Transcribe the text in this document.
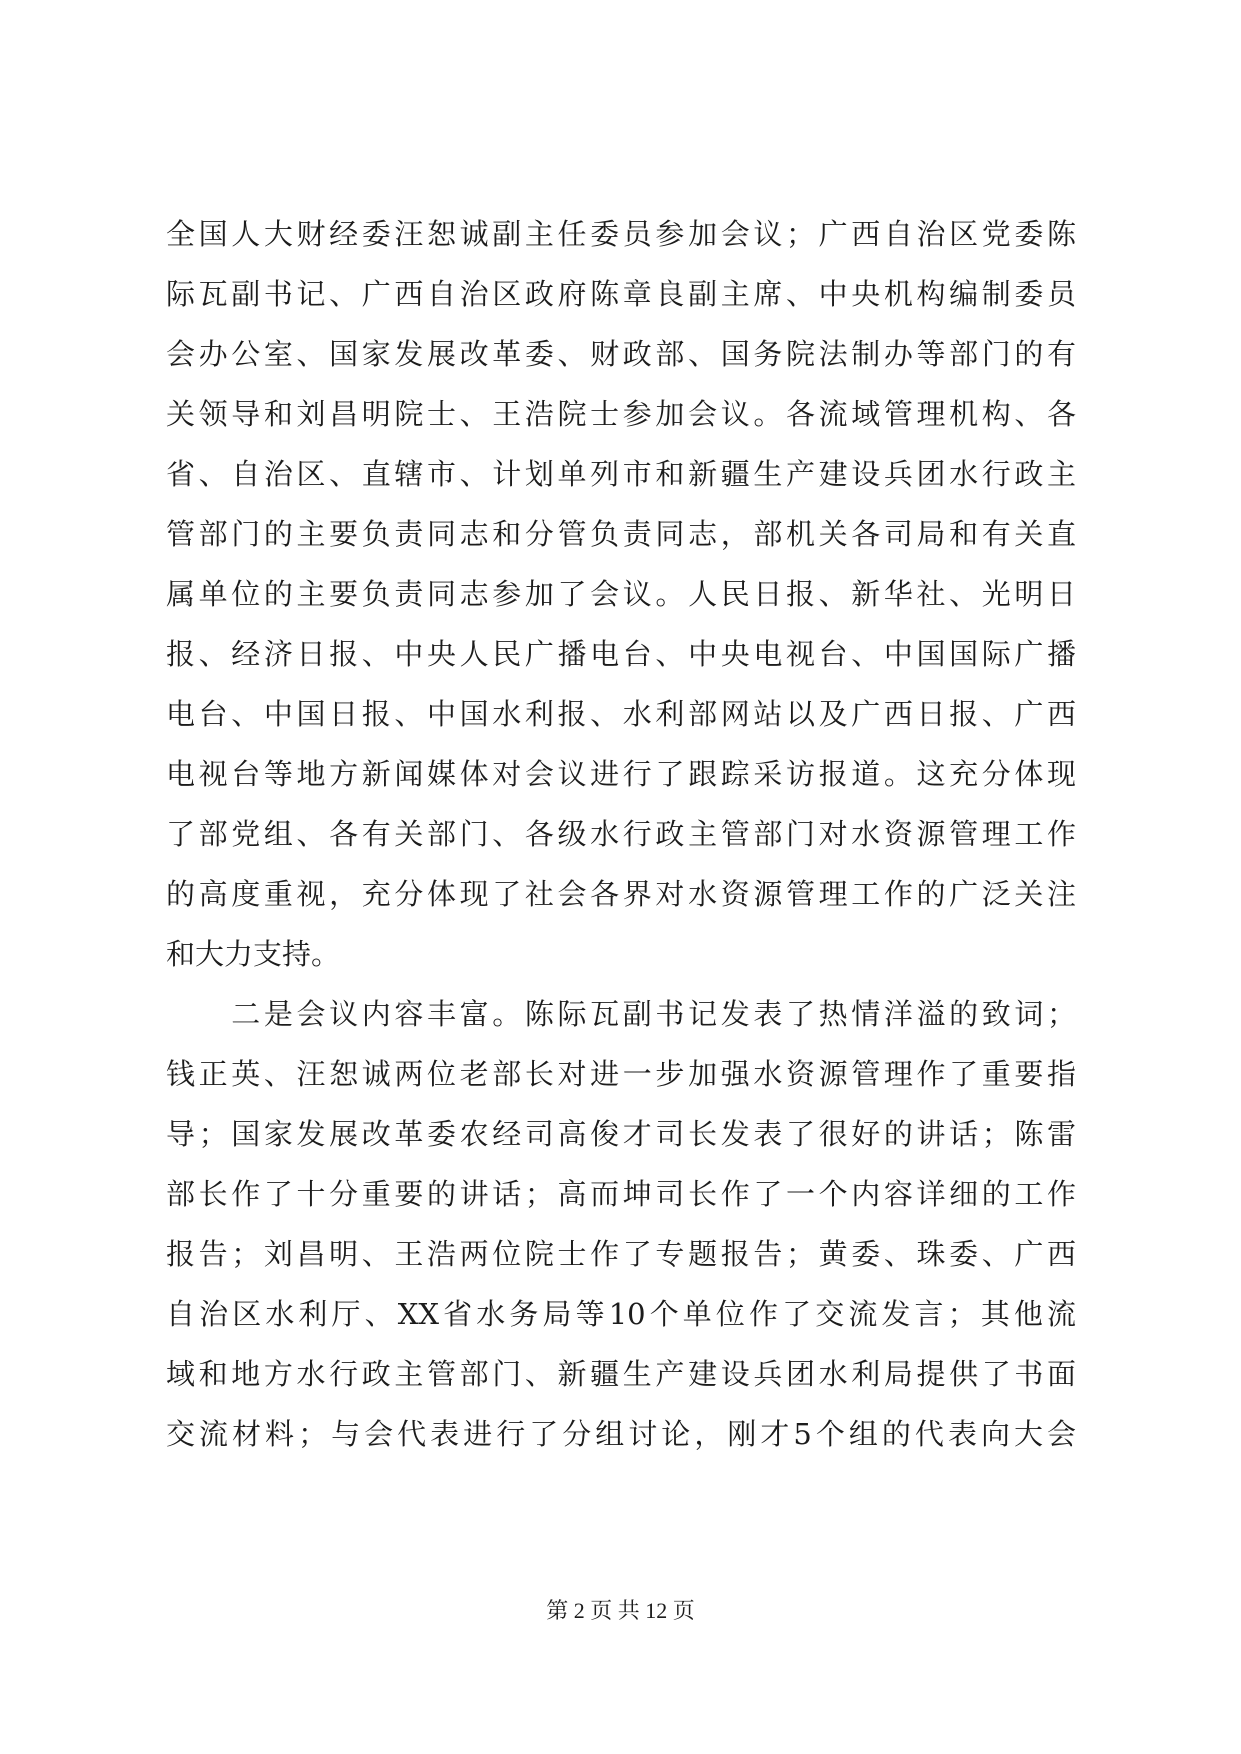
全国人大财经委汪恕诚副主任委员参加会议；广西自治区党委陈
际瓦副书记、广西自治区政府陈章良副主席、中央机构编制委员
会办公室、国家发展改革委、财政部、国务院法制办等部门的有
关领导和刘昌明院士、王浩院士参加会议。各流域管理机构、各
省、自治区、直辖市、计划单列市和新疆生产建设兵团水行政主
管部门的主要负责同志和分管负责同志，部机关各司局和有关直
属单位的主要负责同志参加了会议。人民日报、新华社、光明日
报、经济日报、中央人民广播电台、中央电视台、中国国际广播
电台、中国日报、中国水利报、水利部网站以及广西日报、广西
电视台等地方新闻媒体对会议进行了跟踪采访报道。这充分体现
了部党组、各有关部门、各级水行政主管部门对水资源管理工作
的高度重视，充分体现了社会各界对水资源管理工作的广泛关注
和大力支持。
　　二是会议内容丰富。陈际瓦副书记发表了热情洋溢的致词；
钱正英、汪恕诚两位老部长对进一步加强水资源管理作了重要指
导；国家发展改革委农经司高俊才司长发表了很好的讲话；陈雷
部长作了十分重要的讲话；高而坤司长作了一个内容详细的工作
报告；刘昌明、王浩两位院士作了专题报告；黄委、珠委、广西
自治区水利厅、XX省水务局等10个单位作了交流发言；其他流
域和地方水行政主管部门、新疆生产建设兵团水利局提供了书面
交流材料；与会代表进行了分组讨论，刚才5个组的代表向大会
第 2 页 共 12 页
